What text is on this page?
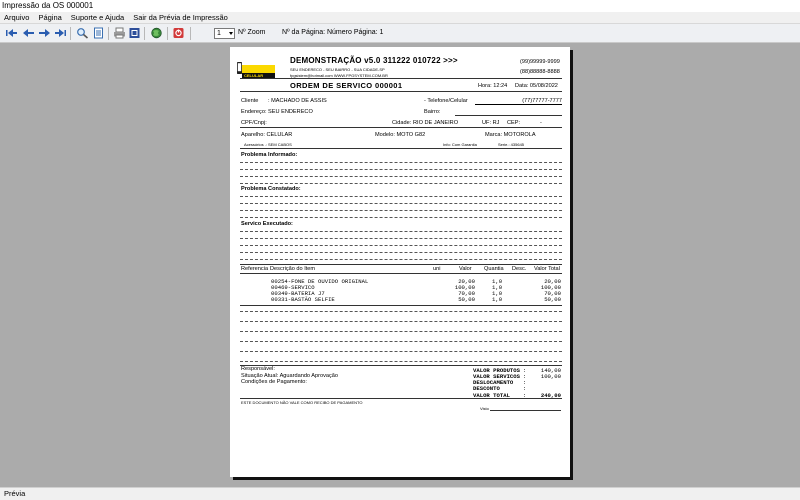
Impressão da OS 000001
Arquivo	Página	Suporte e Ajuda	Sair da Prévia de Impressão
1	Nº Zoom Nº da Página: Número Página: 1
CELULAR
DEMONSTRAÇÃO v5.0 311222 010722 >>>
SEU ENDERECO - SEU BAIRRO - SUA CIDADE-SP
fpgsistem@hotmail.com WWW.FPGSYSTEM.COM.BR
(99)99999-9999
(88)88888-8888
ORDEM DE SERVICO 000001	Hora: 12:24 Data: 05/08/2022
Cliente : MACHADO DE ASSIS	- Telefone/Celular	(77)77777-7777
Endereço: SEU ENDERECO	Bairro:
CPF/Cnpj:	Cidade: RIO DE JANEIRO	UF: RJ CEP:	-
Aparelho: CELULAR	Modelo: MOTO G82	Marca: MOTOROLA
Acessórios .: SEM CABOS	Info: Com Garantia	Serie.: 435645
Problema Informado:
Problema Constatado:
Servico Executado:
Referencia Descrição do Item	uni	Valor Quantia Desc. Valor Total
00254-FONE DE OUVIDO ORIGINAL	20,00	1,0	20,00
00469-SERVICO	100,00	1,0	100,00
00349-BATERIA J7	70,00	1,0	70,00
00331-BASTÃO SELFIE	50,00	1,0	50,00
Responsável:
Situação Atual: Aguardando Aprovação
Condições de Pagamento:
VALOR PRODUTOS :	140,00
VALOR SERVICOS :	100,00
DESLOCAMENTO :
DESCONTO	:
VALOR TOTAL :	240,00
ESTE DOCUMENTO NÃO VALE COMO RECIBO DE PAGAMENTO
Visto
Prévia
